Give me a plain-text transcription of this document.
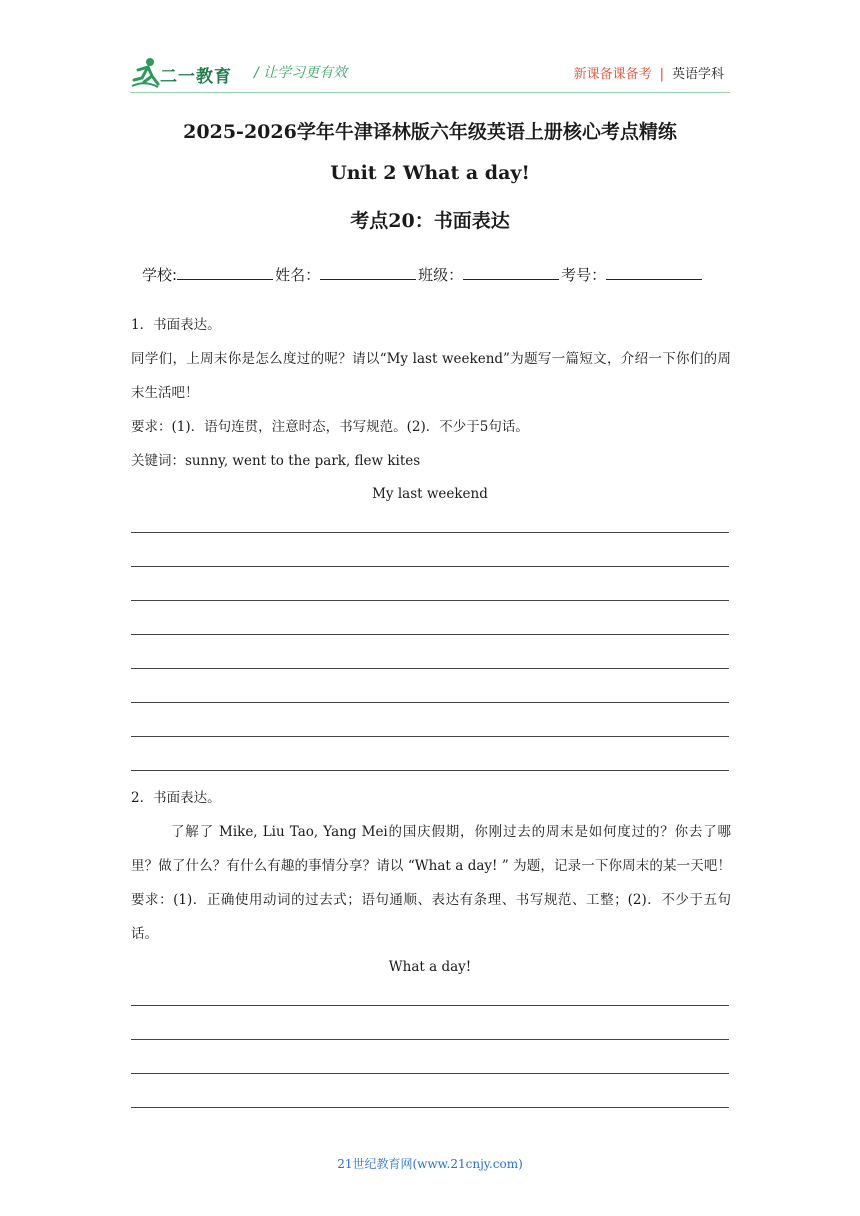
二一教育 / 让学习更有效	新课备课备考 | 英语学科
2025-2026学年牛津译林版六年级英语上册核心考点精练
Unit 2 What a day!
考点20：书面表达
学校:	姓名：	班级：	考号：
1．书面表达。
同学们，上周末你是怎么度过的呢？请以“My last weekend”为题写一篇短文，介绍一下你们的周末生活吧！
要求：(1)．语句连贯，注意时态，书写规范。(2)．不少于5句话。
关键词：sunny, went to the park, flew kites
My last weekend
2．书面表达。
了解了 Mike, Liu Tao, Yang Mei的国庆假期，你刚过去的周末是如何度过的？你去了哪里？做了什么？有什么有趣的事情分享？请以 “What a day! ” 为题，记录一下你周末的某一天吧！要求：(1)．正确使用动词的过去式；语句通顺、表达有条理、书写规范、工整；(2)．不少于五句话。
What a day!
21世纪教育网(www.21cnjy.com)
